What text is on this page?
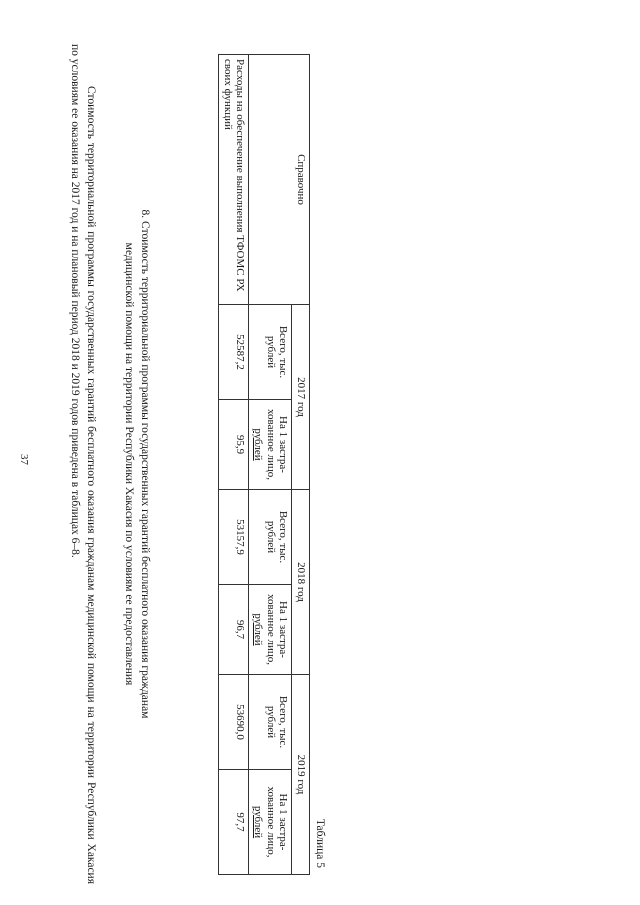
37
Таблица 5
Справочно	2017 год		2018 год		2019 год	
	Всего, тыс. рублей	На 1 застра-хованное лицо, рублей	Всего, тыс. рублей	На 1 застра-хованное лицо, рублей	Всего, тыс. рублей	На 1 застра-хованное лицо, рублей
Расходы на обеспечение выполнения ТФОМС РХ своих функций	52587,2	95,9	53157,9	96,7	53690,0	97,7
8. Стоимость территориальной программы государственных гарантий бесплатного оказания гражданам
медицинской помощи на территории Республики Хакасия по условиям ее предоставления
Стоимость территориальной программы государственных гарантий бесплатного оказания гражданам медицинской помощи на территории Республики Хакасия по условиям ее оказания на 2017 год и на плановый период 2018 и 2019 годов приведена в таблицах 6–8.
